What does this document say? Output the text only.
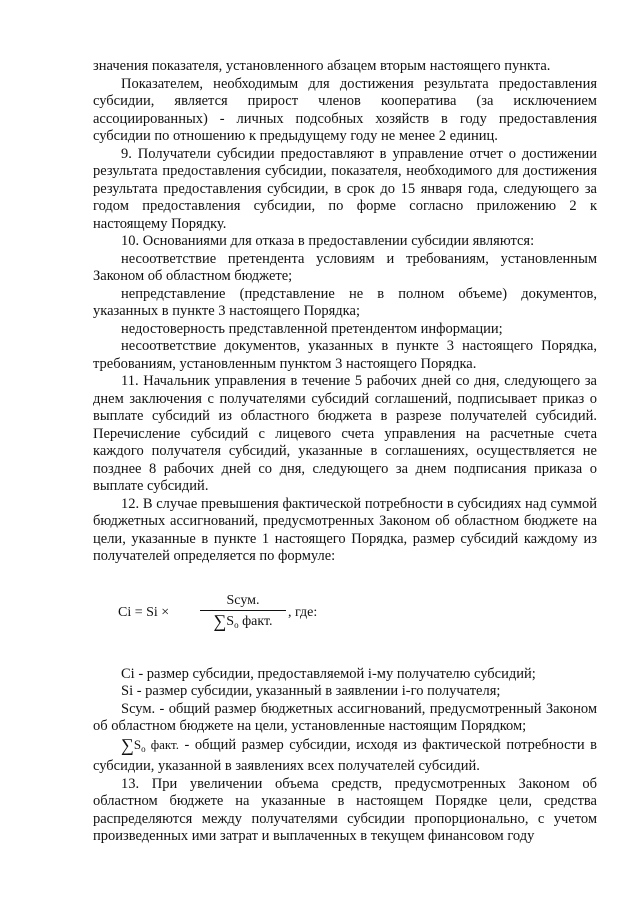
значения показателя, установленного абзацем вторым настоящего пункта.

Показателем, необходимым для достижения результата предоставления субсидии, является прирост членов кооператива (за исключением ассоциированных) - личных подсобных хозяйств в году предоставления субсидии по отношению к предыдущему году не менее 2 единиц.

9. Получатели субсидии предоставляют в управление отчет о достижении результата предоставления субсидии, показателя, необходимого для достижения результата предоставления субсидии, в срок до 15 января года, следующего за годом предоставления субсидии, по форме согласно приложению 2 к настоящему Порядку.

10. Основаниями для отказа в предоставлении субсидии являются:

несоответствие претендента условиям и требованиям, установленным Законом об областном бюджете;

непредставление (представление не в полном объеме) документов, указанных в пункте 3 настоящего Порядка;

недостоверность представленной претендентом информации;

несоответствие документов, указанных в пункте 3 настоящего Порядка, требованиям, установленным пунктом 3 настоящего Порядка.

11. Начальник управления в течение 5 рабочих дней со дня, следующего за днем заключения с получателями субсидий соглашений, подписывает приказ о выплате субсидий из областного бюджета в разрезе получателей субсидий. Перечисление субсидий с лицевого счета управления на расчетные счета каждого получателя субсидий, указанные в соглашениях, осуществляется не позднее 8 рабочих дней со дня, следующего за днем подписания приказа о выплате субсидий.

12. В случае превышения фактической потребности в субсидиях над суммой бюджетных ассигнований, предусмотренных Законом об областном бюджете на цели, указанные в пункте 1 настоящего Порядка, размер субсидий каждому из получателей определяется по формуле:

Ci = Si ×
Sсум.
$\sum S_о$ факт.
, где:

Ci - размер субсидии, предоставляемой i-му получателю субсидий;

Si - размер субсидии, указанный в заявлении i-го получателя;

Sсум. - общий размер бюджетных ассигнований, предусмотренный Законом об областном бюджете на цели, установленные настоящим Порядком;

$\sum S_о$ факт. - общий размер субсидии, исходя из фактической потребности в субсидии, указанной в заявлениях всех получателей субсидий.

13. При увеличении объема средств, предусмотренных Законом об областном бюджете на указанные в настоящем Порядке цели, средства распределяются между получателями субсидии пропорционально, с учетом произведенных ими затрат и выплаченных в текущем финансовом году
